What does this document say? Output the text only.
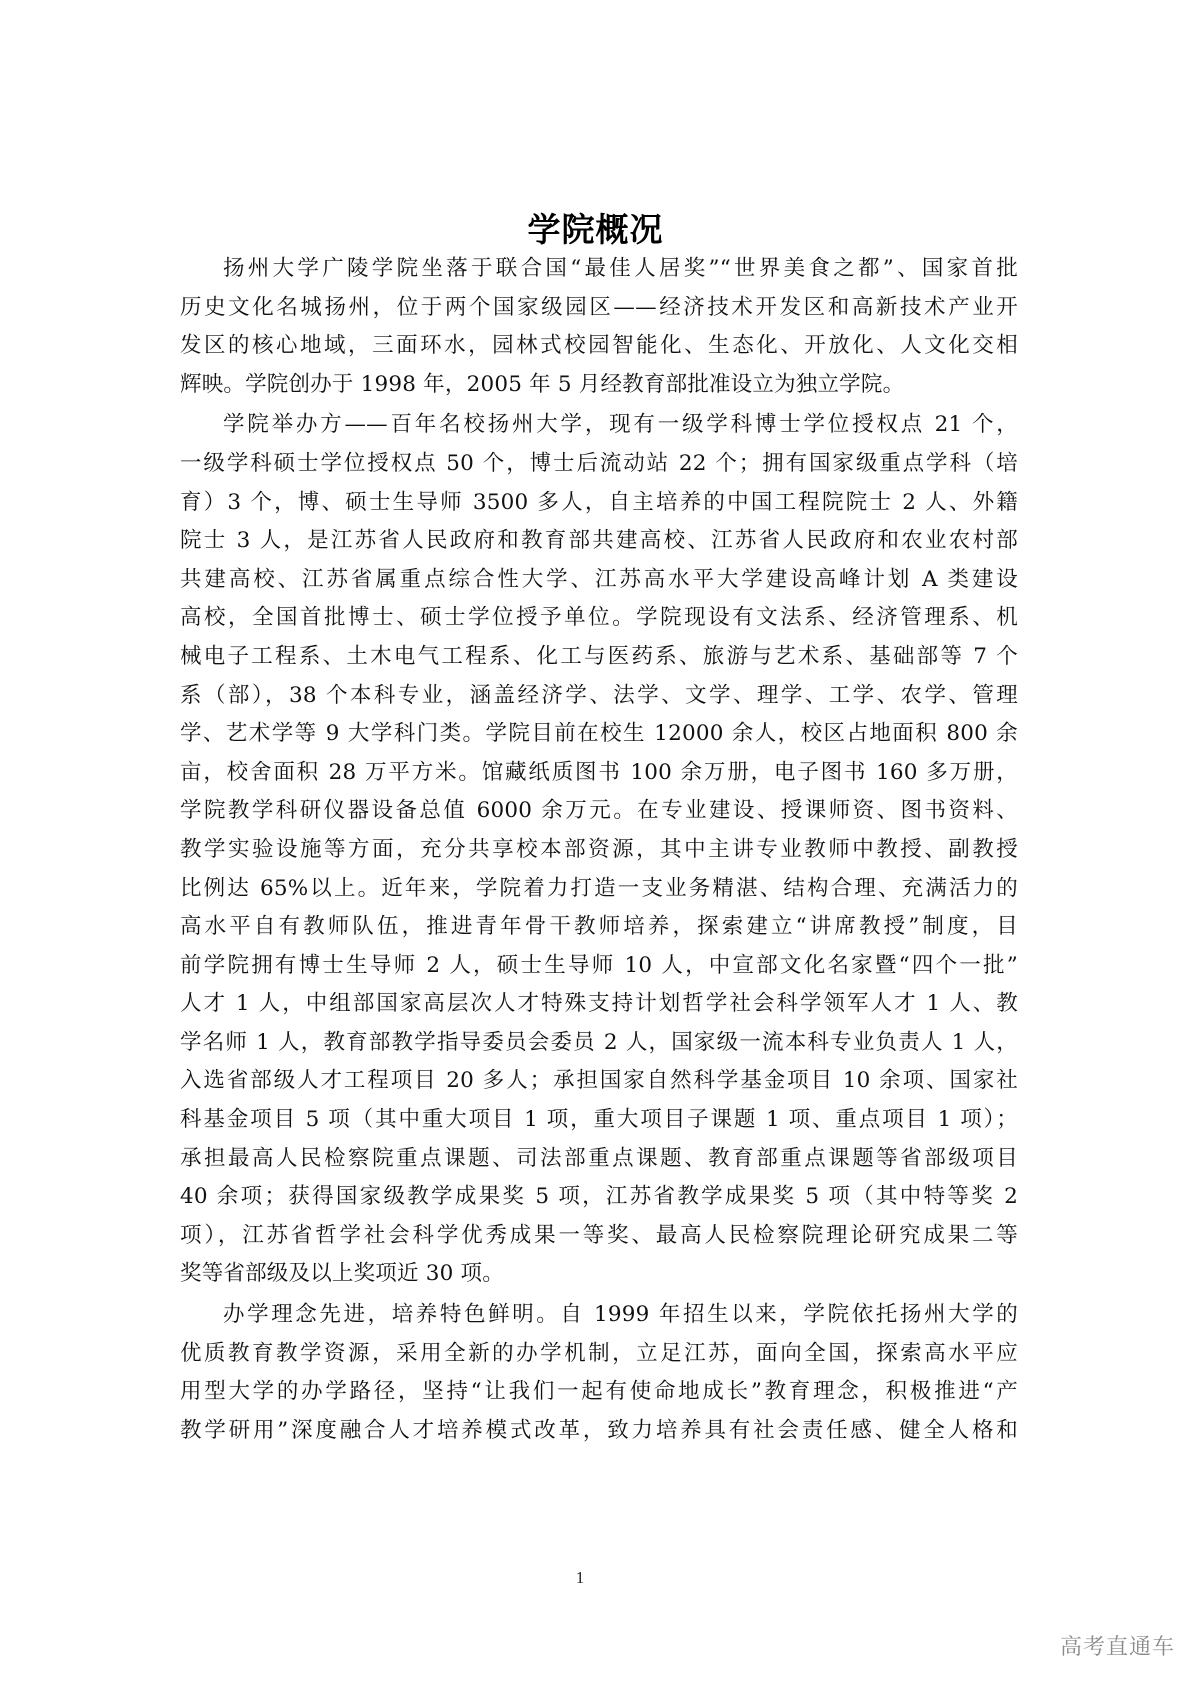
学院概况
扬州大学广陵学院坐落于联合国“最佳人居奖”“世界美食之都”、国家首批
历史文化名城扬州，位于两个国家级园区——经济技术开发区和高新技术产业开
发区的核心地域，三面环水，园林式校园智能化、生态化、开放化、人文化交相
辉映。学院创办于 1998 年，2005 年 5 月经教育部批准设立为独立学院。
学院举办方——百年名校扬州大学，现有一级学科博士学位授权点 21 个，
一级学科硕士学位授权点 50 个，博士后流动站 22 个；拥有国家级重点学科（培
育）3 个，博、硕士生导师 3500 多人，自主培养的中国工程院院士 2 人、外籍
院士 3 人，是江苏省人民政府和教育部共建高校、江苏省人民政府和农业农村部
共建高校、江苏省属重点综合性大学、江苏高水平大学建设高峰计划 A 类建设
高校，全国首批博士、硕士学位授予单位。学院现设有文法系、经济管理系、机
械电子工程系、土木电气工程系、化工与医药系、旅游与艺术系、基础部等 7 个
系（部），38 个本科专业，涵盖经济学、法学、文学、理学、工学、农学、管理
学、艺术学等 9 大学科门类。学院目前在校生 12000 余人，校区占地面积 800 余
亩，校舍面积 28 万平方米。馆藏纸质图书 100 余万册，电子图书 160 多万册，
学院教学科研仪器设备总值 6000 余万元。在专业建设、授课师资、图书资料、
教学实验设施等方面，充分共享校本部资源，其中主讲专业教师中教授、副教授
比例达 65%以上。近年来，学院着力打造一支业务精湛、结构合理、充满活力的
高水平自有教师队伍，推进青年骨干教师培养，探索建立“讲席教授”制度，目
前学院拥有博士生导师 2 人，硕士生导师 10 人，中宣部文化名家暨“四个一批”
人才 1 人，中组部国家高层次人才特殊支持计划哲学社会科学领军人才 1 人、教
学名师 1 人，教育部教学指导委员会委员 2 人，国家级一流本科专业负责人 1 人，
入选省部级人才工程项目 20 多人；承担国家自然科学基金项目 10 余项、国家社
科基金项目 5 项（其中重大项目 1 项，重大项目子课题 1 项、重点项目 1 项）；
承担最高人民检察院重点课题、司法部重点课题、教育部重点课题等省部级项目
40 余项；获得国家级教学成果奖 5 项，江苏省教学成果奖 5 项（其中特等奖 2
项），江苏省哲学社会科学优秀成果一等奖、最高人民检察院理论研究成果二等
奖等省部级及以上奖项近 30 项。
办学理念先进，培养特色鲜明。自 1999 年招生以来，学院依托扬州大学的
优质教育教学资源，采用全新的办学机制，立足江苏，面向全国，探索高水平应
用型大学的办学路径，坚持“让我们一起有使命地成长”教育理念，积极推进“产
教学研用”深度融合人才培养模式改革，致力培养具有社会责任感、健全人格和
1
高考直通车
